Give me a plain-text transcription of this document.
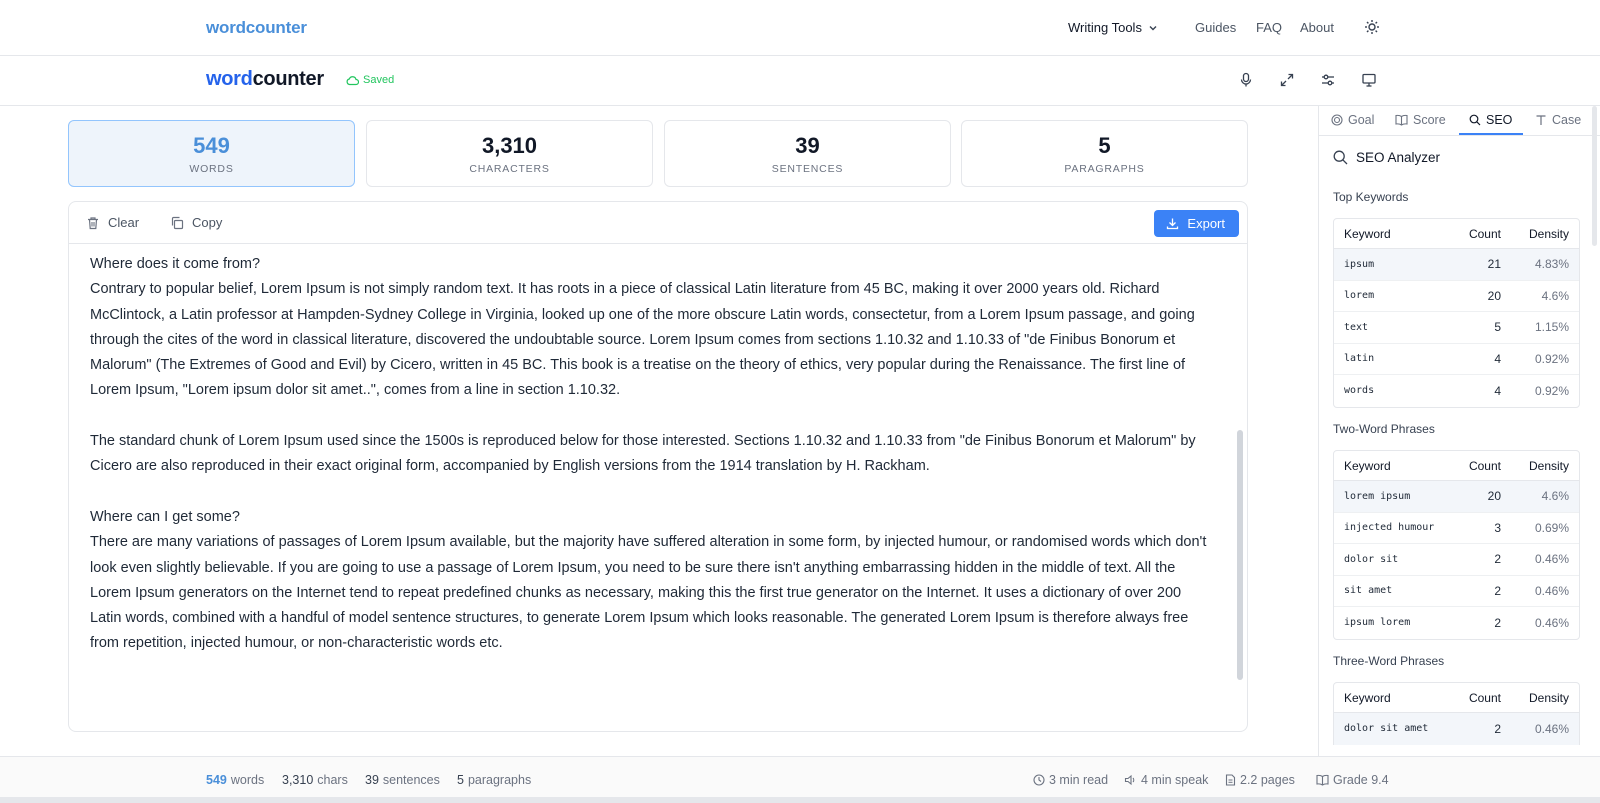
wordcounter	Writing Tools	Guides FAQ About
wordcounter	Saved
549
WORDS
3,310
CHARACTERS
39
SENTENCES
5
PARAGRAPHS
Clear	Copy	Export

Where does it come from?

Contrary to popular belief, Lorem Ipsum is not simply random text. It has roots in a piece of classical Latin literature from 45 BC, making it over 2000 years old. Richard McClintock, a Latin professor at Hampden-Sydney College in Virginia, looked up one of the more obscure Latin words, consectetur, from a Lorem Ipsum passage, and going through the cites of the word in classical literature, discovered the undoubtable source. Lorem Ipsum comes from sections 1.10.32 and 1.10.33 of "de Finibus Bonorum et Malorum" (The Extremes of Good and Evil) by Cicero, written in 45 BC. This book is a treatise on the theory of ethics, very popular during the Renaissance. The first line of Lorem Ipsum, "Lorem ipsum dolor sit amet..", comes from a line in section 1.10.32.

The standard chunk of Lorem Ipsum used since the 1500s is reproduced below for those interested. Sections 1.10.32 and 1.10.33 from "de Finibus Bonorum et Malorum" by Cicero are also reproduced in their exact original form, accompanied by English versions from the 1914 translation by H. Rackham.

Where can I get some?

There are many variations of passages of Lorem Ipsum available, but the majority have suffered alteration in some form, by injected humour, or randomised words which don't look even slightly believable. If you are going to use a passage of Lorem Ipsum, you need to be sure there isn't anything embarrassing hidden in the middle of text. All the Lorem Ipsum generators on the Internet tend to repeat predefined chunks as necessary, making this the first true generator on the Internet. It uses a dictionary of over 200 Latin words, combined with a handful of model sentence structures, to generate Lorem Ipsum which looks reasonable. The generated Lorem Ipsum is therefore always free from repetition, injected humour, or non-characteristic words etc.

Goal	Score	SEO	Case
SEO Analyzer
Top Keywords
Keyword	Count	Density
ipsum	21	4.83%
lorem	20	4.6%
text	5	1.15%
latin	4	0.92%
words	4	0.92%
Two-Word Phrases
Keyword	Count	Density
lorem ipsum	20	4.6%
injected humour	3	0.69%
dolor sit	2	0.46%
sit amet	2	0.46%
ipsum lorem	2	0.46%
Three-Word Phrases
Keyword	Count	Density
dolor sit amet	2	0.46%
549 words 3,310 chars 39 sentences 5 paragraphs	3 min read	4 min speak	2.2 pages	Grade 9.4
